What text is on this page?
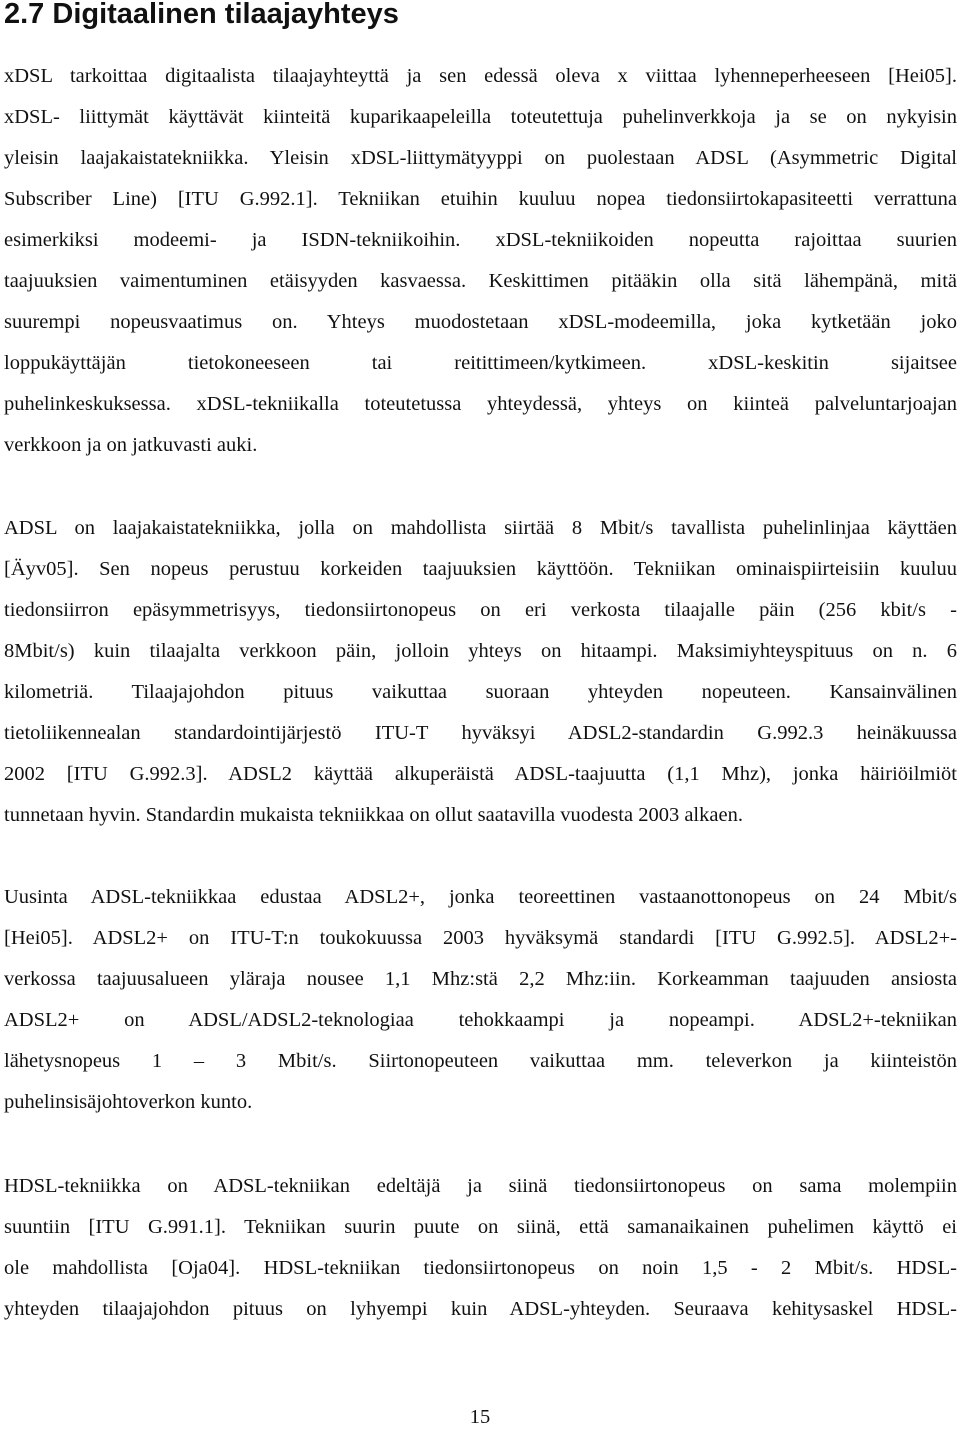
2.7 Digitaalinen tilaajayhteys
xDSL tarkoittaa digitaalista tilaajayhteyttä ja sen edessä oleva x viittaa lyhenneperheeseen [Hei05].
xDSL- liittymät käyttävät kiinteitä kuparikaapeleilla toteutettuja puhelinverkkoja ja se on nykyisin
yleisin laajakaistatekniikka. Yleisin xDSL-liittymätyyppi on puolestaan ADSL (Asymmetric Digital
Subscriber Line) [ITU G.992.1]. Tekniikan etuihin kuuluu nopea tiedonsiirtokapasiteetti verrattuna
esimerkiksi modeemi- ja ISDN-tekniikoihin. xDSL-tekniikoiden nopeutta rajoittaa suurien
taajuuksien vaimentuminen etäisyyden kasvaessa. Keskittimen pitääkin olla sitä lähempänä, mitä
suurempi nopeusvaatimus on. Yhteys muodostetaan xDSL-modeemilla, joka kytketään joko
loppukäyttäjän tietokoneeseen tai reitittimeen/kytkimeen. xDSL-keskitin sijaitsee
puhelinkeskuksessa. xDSL-tekniikalla toteutetussa yhteydessä, yhteys on kiinteä palveluntarjoajan
verkkoon ja on jatkuvasti auki.
ADSL on laajakaistatekniikka, jolla on mahdollista siirtää 8 Mbit/s tavallista puhelinlinjaa käyttäen
[Äyv05]. Sen nopeus perustuu korkeiden taajuuksien käyttöön. Tekniikan ominaispiirteisiin kuuluu
tiedonsiirron epäsymmetrisyys, tiedonsiirtonopeus on eri verkosta tilaajalle päin (256 kbit/s -
8Mbit/s) kuin tilaajalta verkkoon päin, jolloin yhteys on hitaampi. Maksimiyhteyspituus on n. 6
kilometriä. Tilaajajohdon pituus vaikuttaa suoraan yhteyden nopeuteen. Kansainvälinen
tietoliikennealan standardointijärjestö ITU-T hyväksyi ADSL2-standardin G.992.3 heinäkuussa
2002 [ITU G.992.3]. ADSL2 käyttää alkuperäistä ADSL-taajuutta (1,1 Mhz), jonka häiriöilmiöt
tunnetaan hyvin. Standardin mukaista tekniikkaa on ollut saatavilla vuodesta 2003 alkaen.
Uusinta ADSL-tekniikkaa edustaa ADSL2+, jonka teoreettinen vastaanottonopeus on 24 Mbit/s
[Hei05]. ADSL2+ on ITU-T:n toukokuussa 2003 hyväksymä standardi [ITU G.992.5]. ADSL2+-
verkossa taajuusalueen yläraja nousee 1,1 Mhz:stä 2,2 Mhz:iin. Korkeamman taajuuden ansiosta
ADSL2+ on ADSL/ADSL2-teknologiaa tehokkaampi ja nopeampi. ADSL2+-tekniikan
lähetysnopeus 1 – 3 Mbit/s. Siirtonopeuteen vaikuttaa mm. televerkon ja kiinteistön
puhelinsisäjohtoverkon kunto.
HDSL-tekniikka on ADSL-tekniikan edeltäjä ja siinä tiedonsiirtonopeus on sama molempiin
suuntiin [ITU G.991.1]. Tekniikan suurin puute on siinä, että samanaikainen puhelimen käyttö ei
ole mahdollista [Oja04]. HDSL-tekniikan tiedonsiirtonopeus on noin 1,5 - 2 Mbit/s. HDSL-
yhteyden tilaajajohdon pituus on lyhyempi kuin ADSL-yhteyden. Seuraava kehitysaskel HDSL-
15
